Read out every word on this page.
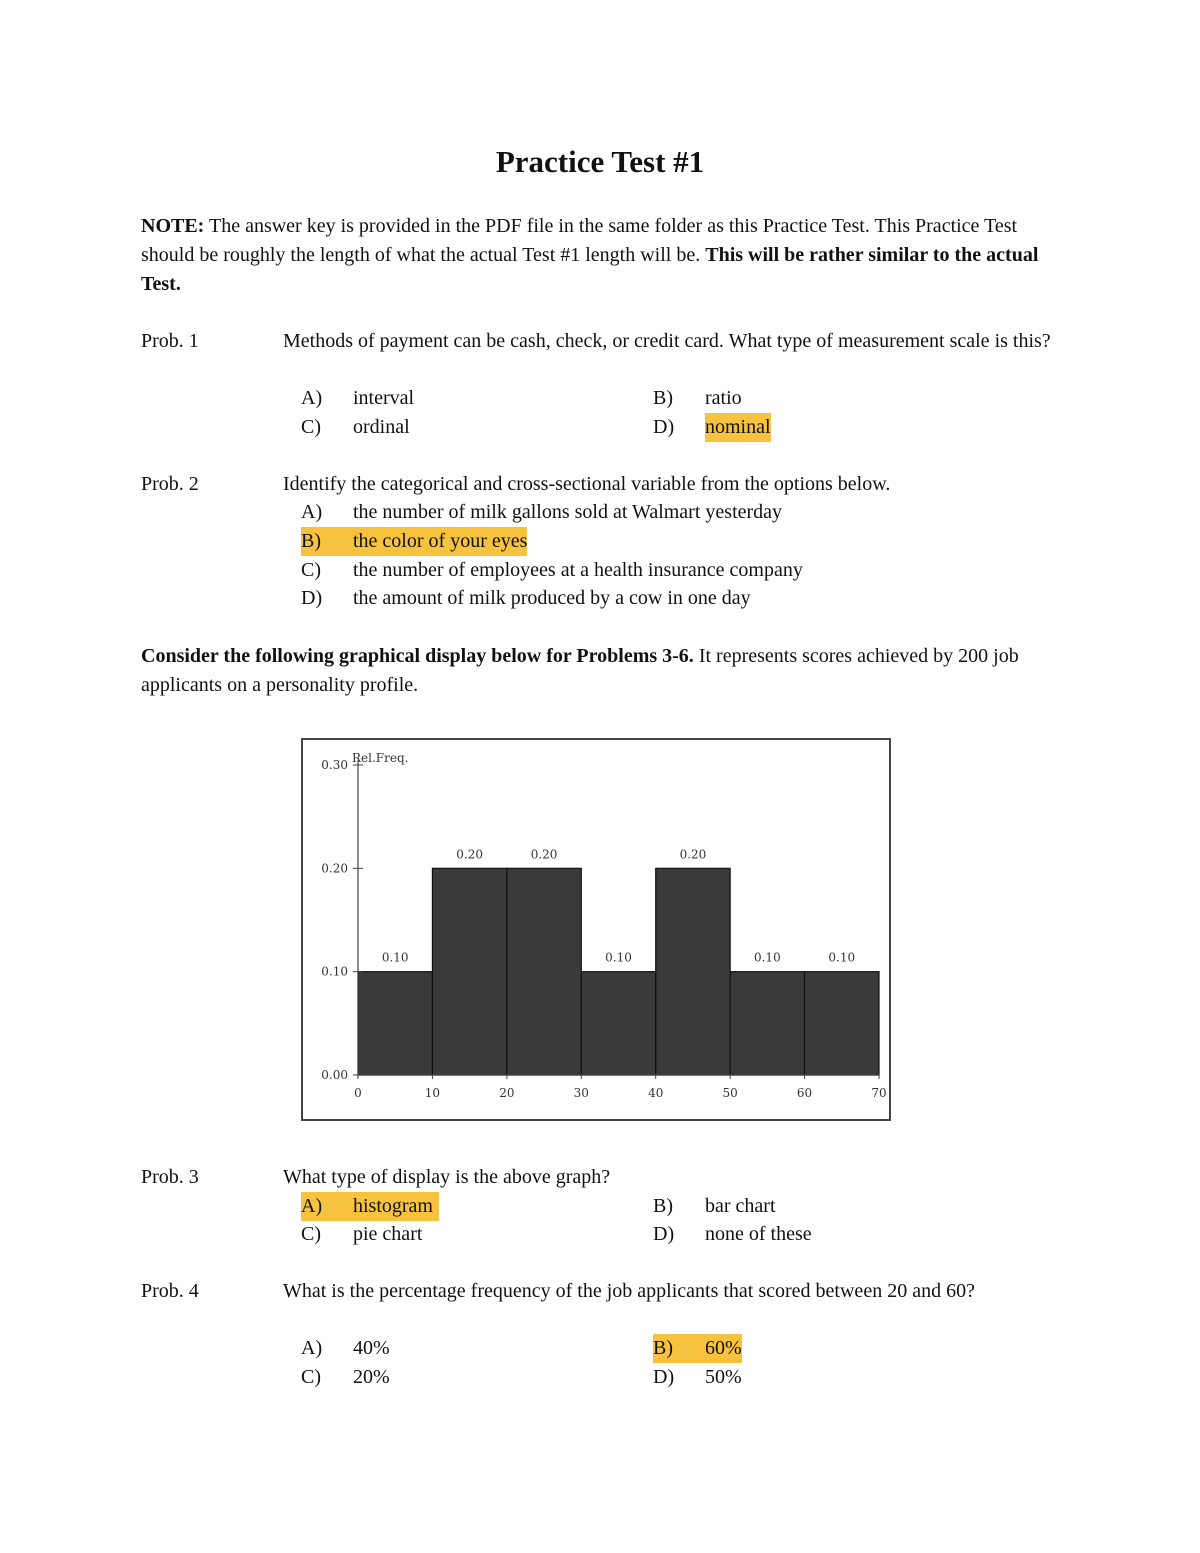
Practice Test #1
NOTE: The answer key is provided in the PDF file in the same folder as this Practice Test. This Practice Test should be roughly the length of what the actual Test #1 length will be. This will be rather similar to the actual Test.
Prob. 1	Methods of payment can be cash, check, or credit card. What type of measurement scale is this?
A) interval	B) ratio
C) ordinal	D) nominal
Prob. 2	Identify the categorical and cross-sectional variable from the options below.
A) the number of milk gallons sold at Walmart yesterday
B) the color of your eyes
C) the number of employees at a health insurance company
D) the amount of milk produced by a cow in one day
Consider the following graphical display below for Problems 3-6. It represents scores achieved by 200 job applicants on a personality profile.
0.10
0.20	0.20
0.10
0.20
0.10	0.10
0.00
0.10
0.20
0.30
0	10	20	30	40	50	60	70
Rel.Freq.
Prob. 3	What type of display is the above graph?
A) histogram	B) bar chart
C) pie chart	D) none of these
Prob. 4	What is the percentage frequency of the job applicants that scored between 20 and 60?
A) 40%	B) 60%
C) 20%	D) 50%
